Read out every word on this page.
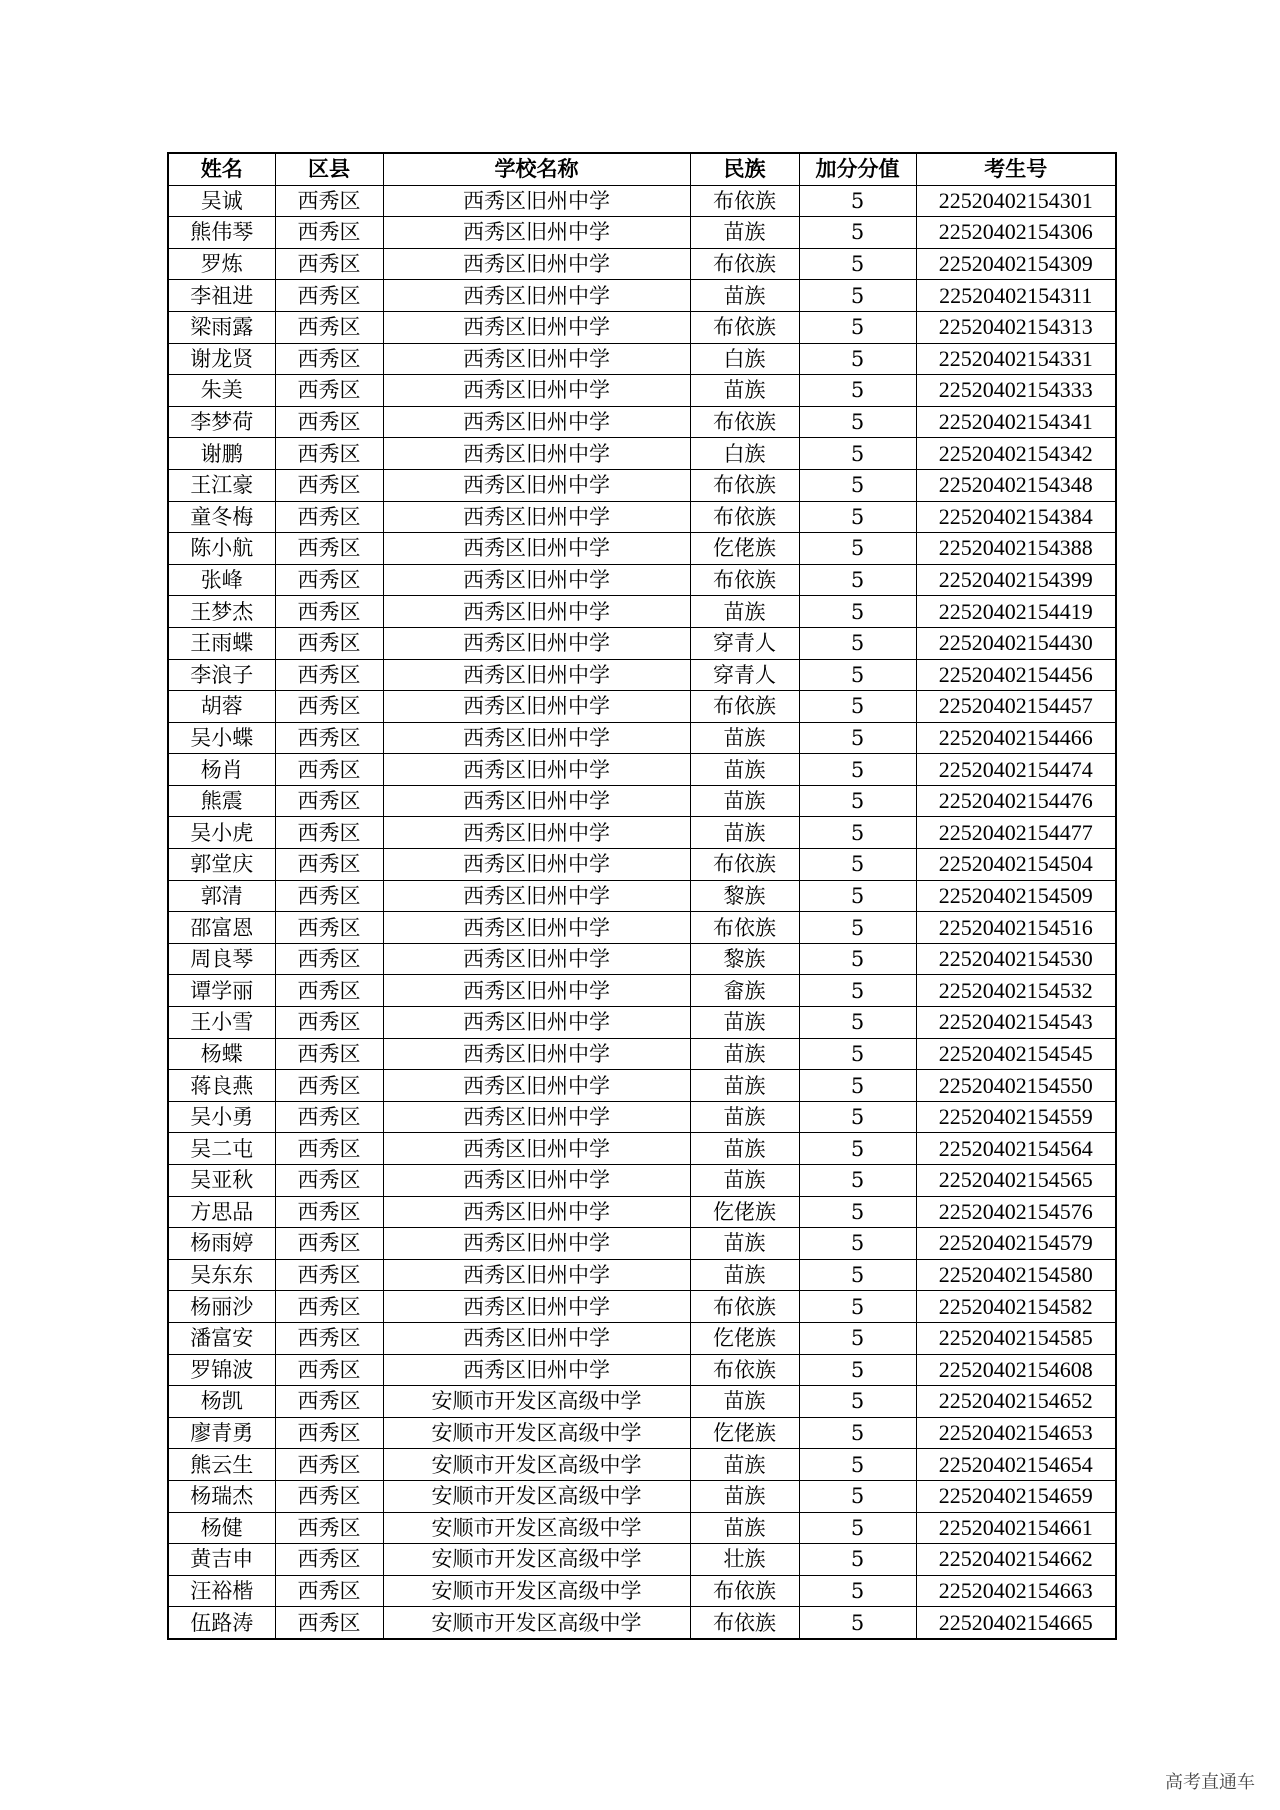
姓名	区县	学校名称	民族	加分分值	考生号
吴诚	西秀区	西秀区旧州中学	布依族	5	22520402154301
熊伟琴	西秀区	西秀区旧州中学	苗族	5	22520402154306
罗炼	西秀区	西秀区旧州中学	布依族	5	22520402154309
李祖进	西秀区	西秀区旧州中学	苗族	5	22520402154311
梁雨露	西秀区	西秀区旧州中学	布依族	5	22520402154313
谢龙贤	西秀区	西秀区旧州中学	白族	5	22520402154331
朱美	西秀区	西秀区旧州中学	苗族	5	22520402154333
李梦荷	西秀区	西秀区旧州中学	布依族	5	22520402154341
谢鹏	西秀区	西秀区旧州中学	白族	5	22520402154342
王江豪	西秀区	西秀区旧州中学	布依族	5	22520402154348
童冬梅	西秀区	西秀区旧州中学	布依族	5	22520402154384
陈小航	西秀区	西秀区旧州中学	仡佬族	5	22520402154388
张峰	西秀区	西秀区旧州中学	布依族	5	22520402154399
王梦杰	西秀区	西秀区旧州中学	苗族	5	22520402154419
王雨蝶	西秀区	西秀区旧州中学	穿青人	5	22520402154430
李浪子	西秀区	西秀区旧州中学	穿青人	5	22520402154456
胡蓉	西秀区	西秀区旧州中学	布依族	5	22520402154457
吴小蝶	西秀区	西秀区旧州中学	苗族	5	22520402154466
杨肖	西秀区	西秀区旧州中学	苗族	5	22520402154474
熊震	西秀区	西秀区旧州中学	苗族	5	22520402154476
吴小虎	西秀区	西秀区旧州中学	苗族	5	22520402154477
郭堂庆	西秀区	西秀区旧州中学	布依族	5	22520402154504
郭清	西秀区	西秀区旧州中学	黎族	5	22520402154509
邵富恩	西秀区	西秀区旧州中学	布依族	5	22520402154516
周良琴	西秀区	西秀区旧州中学	黎族	5	22520402154530
谭学丽	西秀区	西秀区旧州中学	畲族	5	22520402154532
王小雪	西秀区	西秀区旧州中学	苗族	5	22520402154543
杨蝶	西秀区	西秀区旧州中学	苗族	5	22520402154545
蒋良燕	西秀区	西秀区旧州中学	苗族	5	22520402154550
吴小勇	西秀区	西秀区旧州中学	苗族	5	22520402154559
吴二屯	西秀区	西秀区旧州中学	苗族	5	22520402154564
吴亚秋	西秀区	西秀区旧州中学	苗族	5	22520402154565
方思品	西秀区	西秀区旧州中学	仡佬族	5	22520402154576
杨雨婷	西秀区	西秀区旧州中学	苗族	5	22520402154579
吴东东	西秀区	西秀区旧州中学	苗族	5	22520402154580
杨丽沙	西秀区	西秀区旧州中学	布依族	5	22520402154582
潘富安	西秀区	西秀区旧州中学	仡佬族	5	22520402154585
罗锦波	西秀区	西秀区旧州中学	布依族	5	22520402154608
杨凯	西秀区	安顺市开发区高级中学	苗族	5	22520402154652
廖青勇	西秀区	安顺市开发区高级中学	仡佬族	5	22520402154653
熊云生	西秀区	安顺市开发区高级中学	苗族	5	22520402154654
杨瑞杰	西秀区	安顺市开发区高级中学	苗族	5	22520402154659
杨健	西秀区	安顺市开发区高级中学	苗族	5	22520402154661
黄吉申	西秀区	安顺市开发区高级中学	壮族	5	22520402154662
汪裕楷	西秀区	安顺市开发区高级中学	布依族	5	22520402154663
伍路涛	西秀区	安顺市开发区高级中学	布依族	5	22520402154665
高考直通车
